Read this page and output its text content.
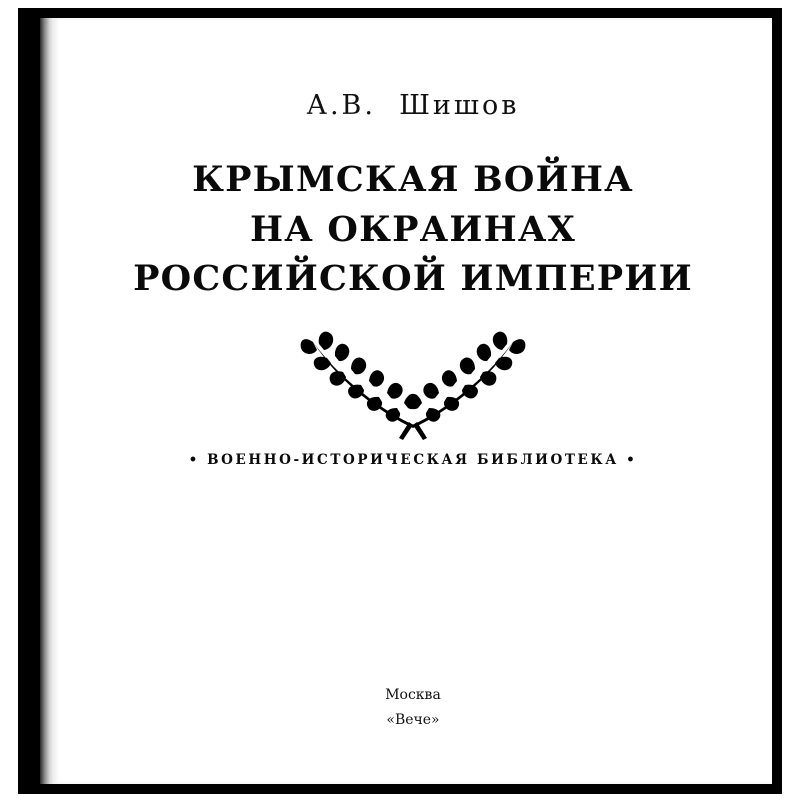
А.В.  Шишов
КРЫМСКАЯ ВОЙНА
НА ОКРАИНАХ
РОССИЙСКОЙ ИМПЕРИИ
• ВОЕННО-ИСТОРИЧЕСКАЯ БИБЛИОТЕКА •
Москва
«Вече»
